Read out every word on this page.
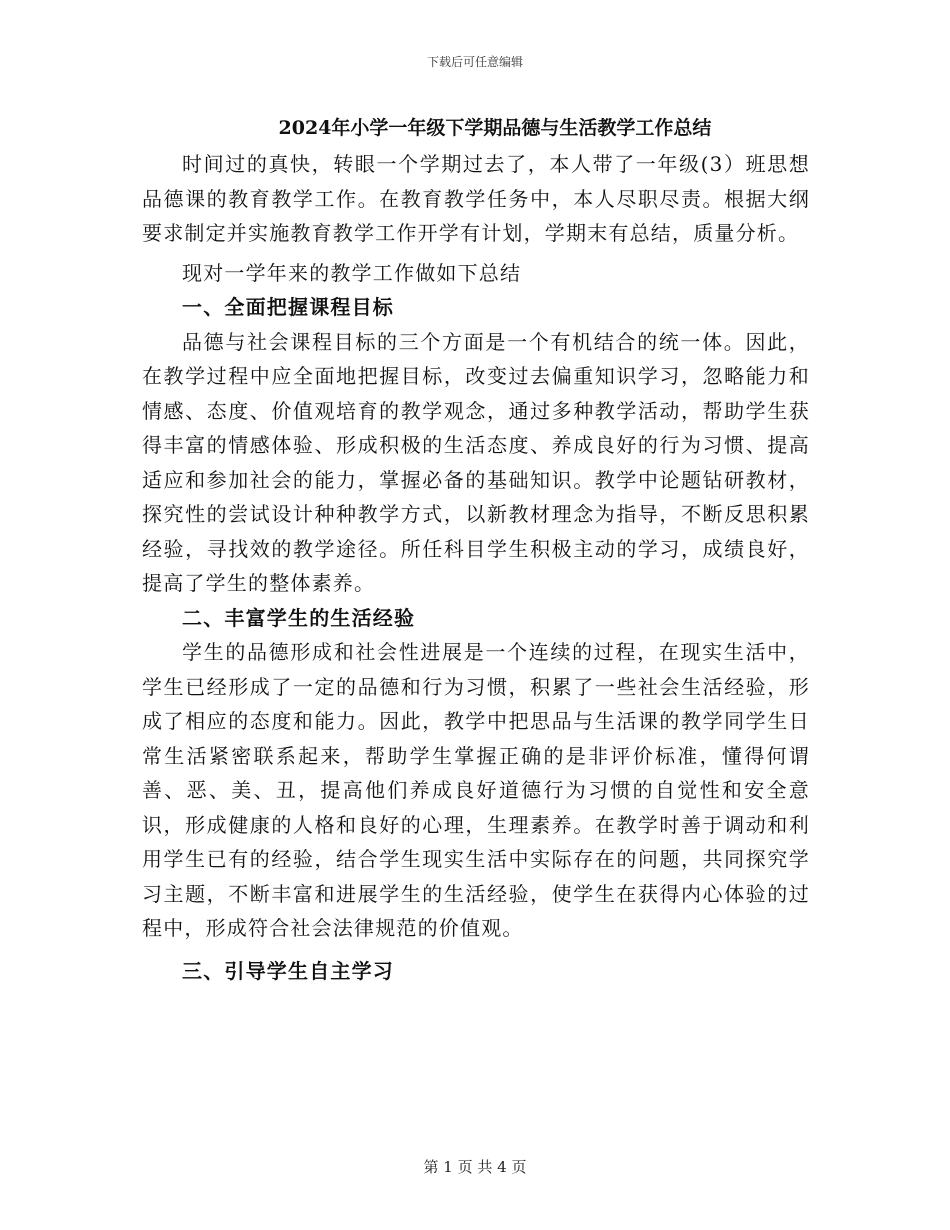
下载后可任意编辑
2024年小学一年级下学期品德与生活教学工作总结

时间过的真快，转眼一个学期过去了，本人带了一年级(3）班思想品德课的教育教学工作。在教育教学任务中，本人尽职尽责。根据大纲要求制定并实施教育教学工作开学有计划，学期末有总结，质量分析。

现对一学年来的教学工作做如下总结

一、全面把握课程目标

品德与社会课程目标的三个方面是一个有机结合的统一体。因此，在教学过程中应全面地把握目标，改变过去偏重知识学习，忽略能力和情感、态度、价值观培育的教学观念，通过多种教学活动，帮助学生获得丰富的情感体验、形成积极的生活态度、养成良好的行为习惯、提高适应和参加社会的能力，掌握必备的基础知识。教学中论题钻研教材，探究性的尝试设计种种教学方式，以新教材理念为指导，不断反思积累经验，寻找效的教学途径。所任科目学生积极主动的学习，成绩良好，提高了学生的整体素养。

二、丰富学生的生活经验

学生的品德形成和社会性进展是一个连续的过程，在现实生活中，学生已经形成了一定的品德和行为习惯，积累了一些社会生活经验，形成了相应的态度和能力。因此，教学中把思品与生活课的教学同学生日常生活紧密联系起来，帮助学生掌握正确的是非评价标准，懂得何谓善、恶、美、丑，提高他们养成良好道德行为习惯的自觉性和安全意识，形成健康的人格和良好的心理，生理素养。在教学时善于调动和利用学生已有的经验，结合学生现实生活中实际存在的问题，共同探究学习主题，不断丰富和进展学生的生活经验，使学生在获得内心体验的过程中，形成符合社会法律规范的价值观。

三、引导学生自主学习

第 1 页 共 4 页
